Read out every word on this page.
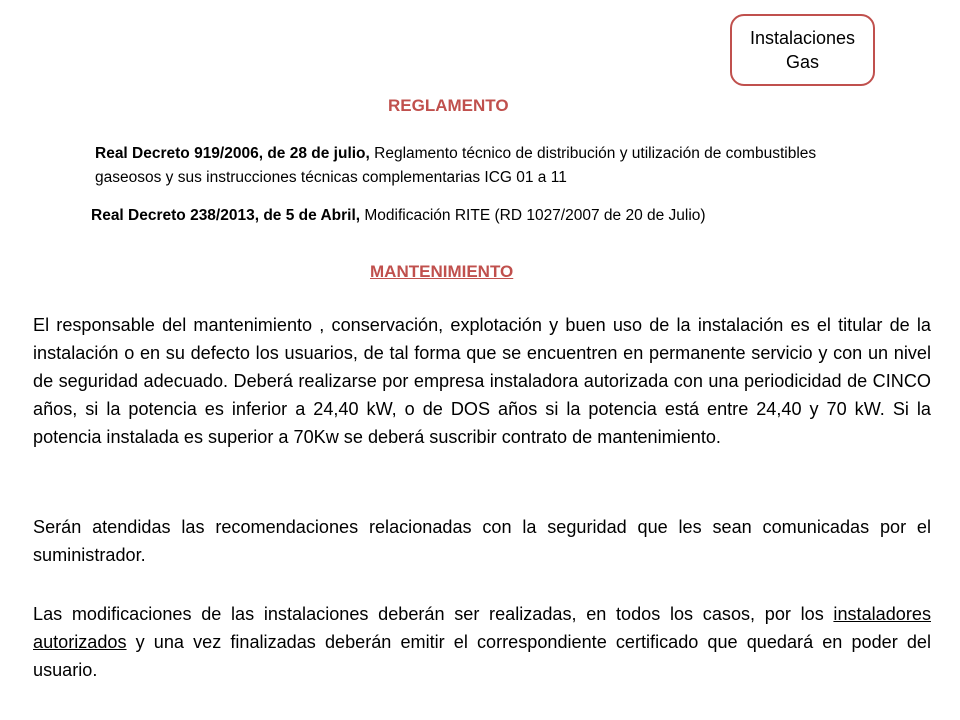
Instalaciones
Gas
REGLAMENTO
Real Decreto 919/2006, de 28 de julio, Reglamento técnico de distribución y utilización de combustibles gaseosos y sus instrucciones técnicas complementarias ICG 01 a 11
Real Decreto 238/2013, de 5 de Abril, Modificación RITE (RD 1027/2007 de 20 de Julio)
MANTENIMIENTO
El responsable del mantenimiento , conservación, explotación y buen uso de la instalación es el titular de la instalación o en su defecto los usuarios, de tal forma que se encuentren en permanente servicio y con un nivel de seguridad adecuado. Deberá realizarse por empresa instaladora autorizada con una periodicidad de CINCO años, si la potencia es inferior a 24,40 kW, o de DOS años si la potencia está entre 24,40 y 70 kW. Si la potencia instalada es superior a 70Kw se deberá suscribir contrato de mantenimiento.
Serán atendidas las recomendaciones relacionadas con la seguridad que les sean comunicadas por el suministrador.
Las modificaciones de las instalaciones deberán ser realizadas, en todos los casos, por los instaladores autorizados y una vez finalizadas deberán emitir el correspondiente certificado que quedará en poder del usuario.
